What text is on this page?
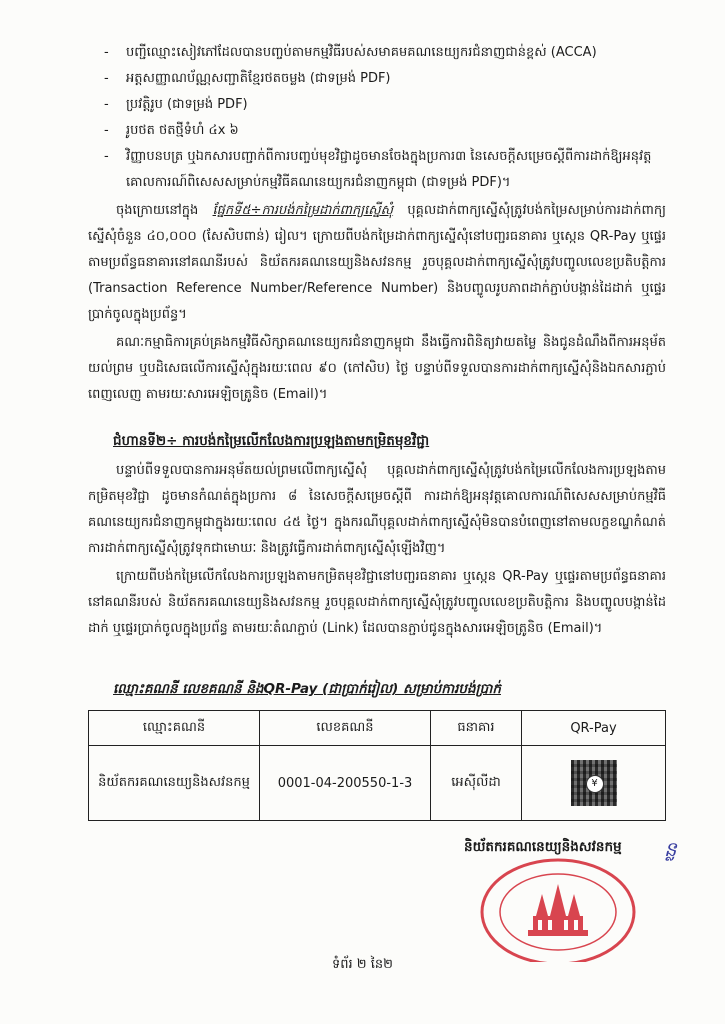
-	បញ្ជីឈ្មោះសៀវភៅដែលបានបញ្ចប់តាមកម្មវិធីរបស់សមាគមគណនេយ្យករជំនាញជាន់ខ្ពស់ (ACCA)
-	អត្តសញ្ញាណប័ណ្ណសញ្ជាតិខ្មែរថតចម្លង (ជាទម្រង់ PDF)
-	ប្រវត្តិរូប (ជាទម្រង់ PDF)
-	រូបថត ថតថ្មីទំហំ ៤x ៦
-	វិញ្ញាបនបត្រ ឬឯកសារបញ្ជាក់ពីការបញ្ចប់មុខវិជ្ជាដូចមានចែងក្នុងប្រការ៣ នៃសេចក្តីសម្រេចស្តីពីការដាក់ឱ្យអនុវត្តគោលការណ៍ពិសេសសម្រាប់កម្មវិធីគណនេយ្យករជំនាញកម្ពុជា (ជាទម្រង់ PDF)។
ចុងក្រោយនៅក្នុង ផ្នែកទី៥÷ការបង់កម្រៃដាក់ពាក្យស្នើសុំ បុគ្គលដាក់ពាក្យស្នើសុំត្រូវបង់កម្រៃសម្រាប់ការដាក់ពាក្យស្នើសុំចំនួន ៤០,០០០ (សែសិបពាន់) រៀល។ ក្រោយពីបង់កម្រៃដាក់ពាក្យស្នើសុំនៅបញ្ជរធនាគារ ឬស្កេន QR-Pay ឬផ្ទេរតាមប្រព័ន្ធធនាគារនៅគណនីរបស់ និយ័តករគណនេយ្យនិងសវនកម្ម រួចបុគ្គលដាក់ពាក្យស្នើសុំត្រូវបញ្ចូលលេខប្រតិបត្តិការ (Transaction Reference Number/Reference Number) និងបញ្ចូលរូបភាពដាក់ភ្ជាប់បង្កាន់ដៃដាក់ ឬផ្ទេរប្រាក់ចូលក្នុងប្រព័ន្ធ។
គណៈកម្មាធិការគ្រប់គ្រងកម្មវិធីសិក្សាគណនេយ្យករជំនាញកម្ពុជា នឹងធ្វើការពិនិត្យវាយតម្លៃ និងជូនដំណឹងពីការអនុម័តយល់ព្រម ឬបដិសេធលើការស្នើសុំក្នុងរយៈពេល ៩០ (កៅសិប) ថ្ងៃ បន្ទាប់ពីទទួលបានការដាក់ពាក្យស្នើសុំនិងឯកសារភ្ជាប់ពេញលេញ តាមរយៈសារអេឡិចត្រូនិច (Email)។
ជំហានទី២÷ ការបង់កម្រៃលើកលែងការប្រឡងតាមកម្រិតមុខវិជ្ជា
បន្ទាប់ពីទទួលបានការអនុម័តយល់ព្រមលើពាក្យស្នើសុំ បុគ្គលដាក់ពាក្យស្នើសុំត្រូវបង់កម្រៃលើកលែងការប្រឡងតាមកម្រិតមុខវិជ្ជា ដូចមានកំណត់ក្នុងប្រការ ៨ នៃសេចក្តីសម្រេចស្តីពី ការដាក់ឱ្យអនុវត្តគោលការណ៍ពិសេសសម្រាប់កម្មវិធីគណនេយ្យករជំនាញកម្ពុជាក្នុងរយៈពេល ៤៥ ថ្ងៃ។ ក្នុងករណីបុគ្គលដាក់ពាក្យស្នើសុំមិនបានបំពេញនៅតាមលក្ខខណ្ឌកំណត់ ការដាក់ពាក្យស្នើសុំត្រូវទុកជាមោឃៈ និងត្រូវធ្វើការដាក់ពាក្យស្នើសុំឡើងវិញ។
ក្រោយពីបង់កម្រៃលើកលែងការប្រឡងតាមកម្រិតមុខវិជ្ជានៅបញ្ជរធនាគារ ឬស្កេន QR-Pay ឬផ្ទេរតាមប្រព័ន្ធធនាគារនៅគណនីរបស់ និយ័តករគណនេយ្យនិងសវនកម្ម រួចបុគ្គលដាក់ពាក្យស្នើសុំត្រូវបញ្ចូលលេខប្រតិបត្តិការ និងបញ្ចូលបង្កាន់ដៃដាក់ ឬផ្ទេរប្រាក់ចូលក្នុងប្រព័ន្ធ តាមរយៈតំណភ្ជាប់ (Link) ដែលបានភ្ជាប់ជូនក្នុងសារអេឡិចត្រូនិច (Email)។
ឈ្មោះគណនី លេខគណនី និងQR-Pay (ជាប្រាក់រៀល) សម្រាប់ការបង់ប្រាក់
ឈ្មោះគណនី	លេខគណនី	ធនាគារ	QR-Pay
និយ័តករគណនេយ្យនិងសវនកម្ម	0001-04-200550-1-3	អេស៊ីលីដា	¥
និយ័តករគណនេយ្យនិងសវនកម្ម ន្ល
ទំព័រ ២ នៃ២
